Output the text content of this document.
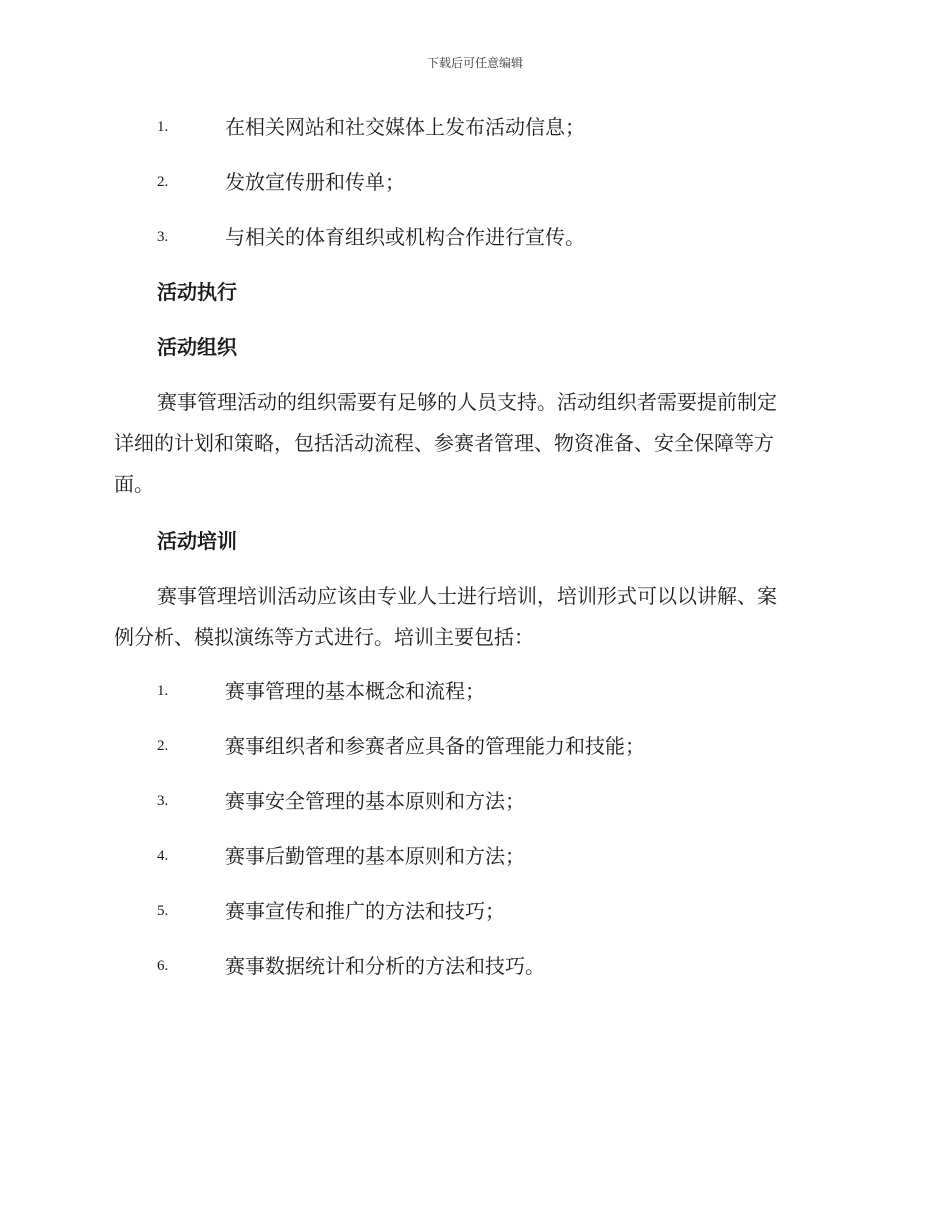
下载后可任意编辑
1.	在相关网站和社交媒体上发布活动信息；
2.	发放宣传册和传单；
3.	与相关的体育组织或机构合作进行宣传。
活动执行
活动组织
赛事管理活动的组织需要有足够的人员支持。活动组织者需要提前制定
详细的计划和策略，包括活动流程、参赛者管理、物资准备、安全保障等方
面。
活动培训
赛事管理培训活动应该由专业人士进行培训，培训形式可以以讲解、案
例分析、模拟演练等方式进行。培训主要包括：
1.	赛事管理的基本概念和流程；
2.	赛事组织者和参赛者应具备的管理能力和技能；
3.	赛事安全管理的基本原则和方法；
4.	赛事后勤管理的基本原则和方法；
5.	赛事宣传和推广的方法和技巧；
6.	赛事数据统计和分析的方法和技巧。
